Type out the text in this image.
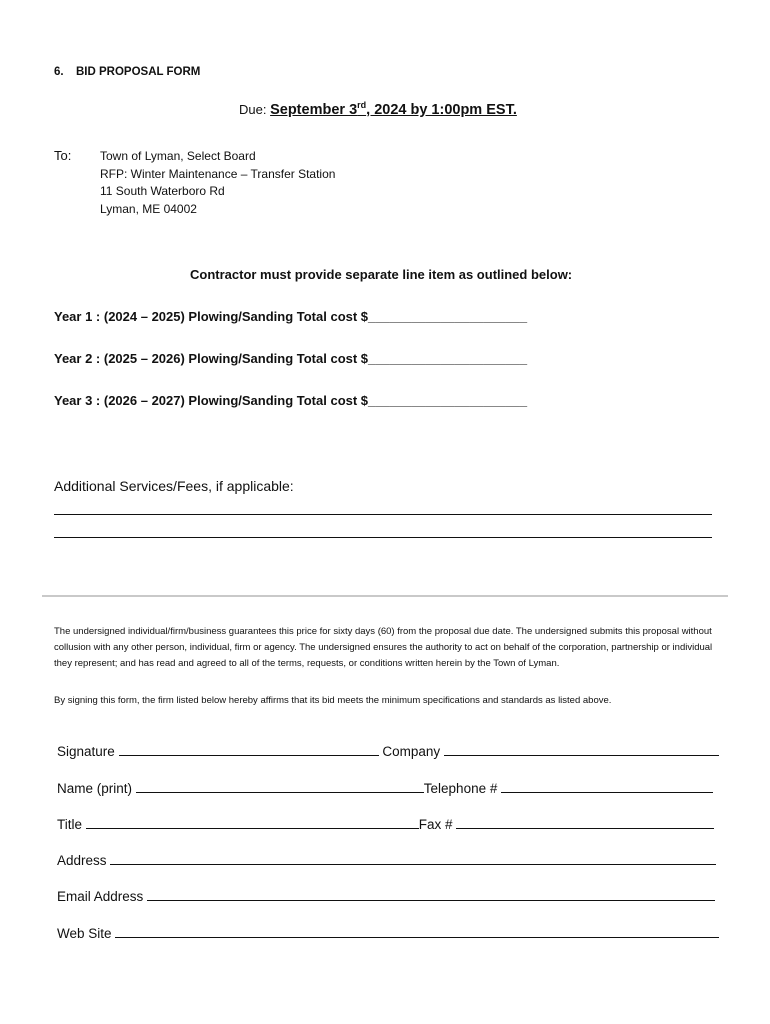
6. BID PROPOSAL FORM
Due: September 3rd, 2024 by 1:00pm EST.
To: Town of Lyman, Select Board
RFP: Winter Maintenance – Transfer Station
11 South Waterboro Rd
Lyman, ME 04002
Contractor must provide separate line item as outlined below:
Year 1 : (2024 – 2025) Plowing/Sanding Total cost $______________________
Year 2 : (2025 – 2026) Plowing/Sanding Total cost $______________________
Year 3 : (2026 – 2027) Plowing/Sanding Total cost $______________________
Additional Services/Fees, if applicable:
The undersigned individual/firm/business guarantees this price for sixty days (60) from the proposal due date. The undersigned submits this proposal without collusion with any other person, individual, firm or agency. The undersigned ensures the authority to act on behalf of the corporation, partnership or individual they represent; and has read and agreed to all of the terms, requests, or conditions written herein by the Town of Lyman.
By signing this form, the firm listed below hereby affirms that its bid meets the minimum specifications and standards as listed above.
Signature	Company
Name (print)	Telephone #
Title	Fax #
Address
Email Address
Web Site
